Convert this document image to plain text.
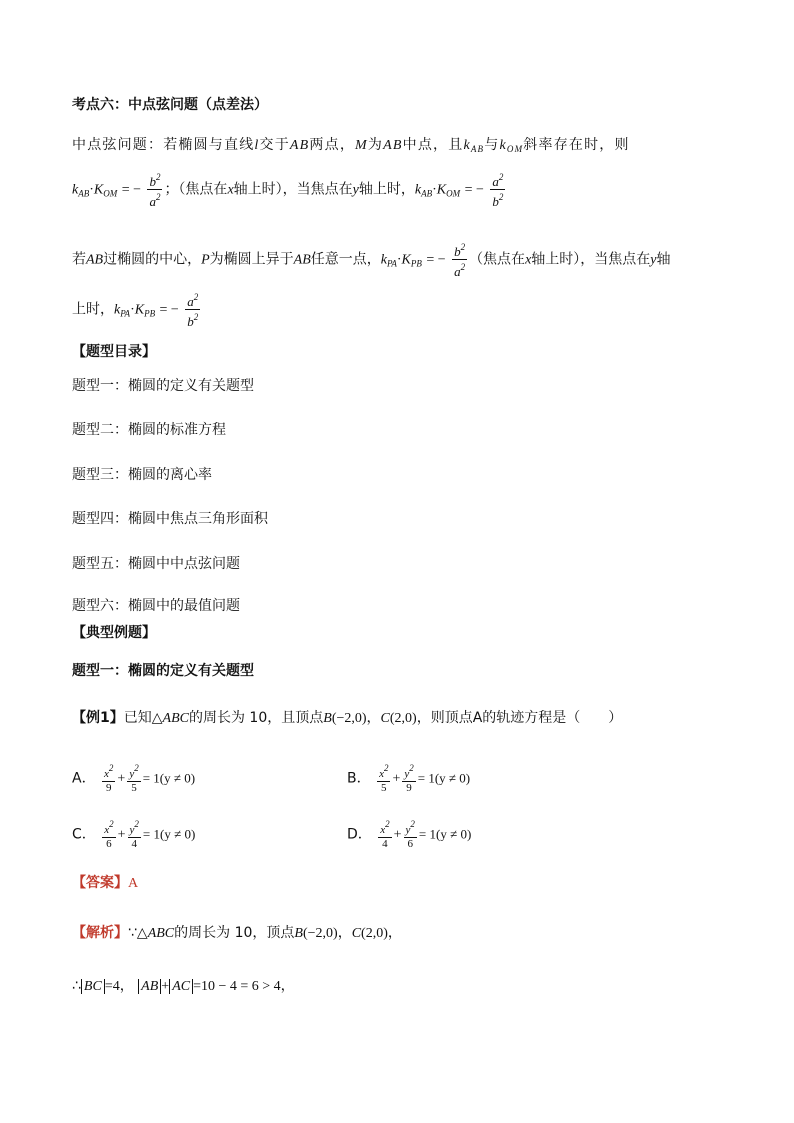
考点六：中点弦问题（点差法）
中点弦问题：若椭圆与直线l交于AB两点，M为AB中点，且$k_{AB}$与$k_{OM}$斜率存在时，则
$k_{AB}\cdot K_{OM}$ = − $\frac{b^2}{a^2}$ ；（焦点在x轴上时），当焦点在y轴上时，$k_{AB}\cdot K_{OM}$ = − $\frac{a^2}{b^2}$
若AB过椭圆的中心，P为椭圆上异于AB任意一点，$k_{PA}\cdot K_{PB}$ = − $\frac{b^2}{a^2}$ （焦点在x轴上时），当焦点在y轴
上时，$k_{PA}\cdot K_{PB}$ = − $\frac{a^2}{b^2}$
【题型目录】
题型一：椭圆的定义有关题型
题型二：椭圆的标准方程
题型三：椭圆的离心率
题型四：椭圆中焦点三角形面积
题型五：椭圆中中点弦问题
题型六：椭圆中的最值问题
【典型例题】
题型一：椭圆的定义有关题型
【例1】已知△ABC的周长为 10，且顶点B(−2,0)，C(2,0)，则顶点A的轨迹方程是（　　）
A． $\frac{x^2}{9} + \frac{y^2}{5} = 1(y \ne 0)$	B． $\frac{x^2}{5} + \frac{y^2}{9} = 1(y \ne 0)$
C． $\frac{x^2}{6} + \frac{y^2}{4} = 1(y \ne 0)$	D． $\frac{x^2}{4} + \frac{y^2}{6} = 1(y \ne 0)$
【答案】A
【解析】∵△ABC的周长为 10，顶点B(−2,0)，C(2,0)，
∴ BC =4， AB + AC =10 − 4 = 6 > 4，
